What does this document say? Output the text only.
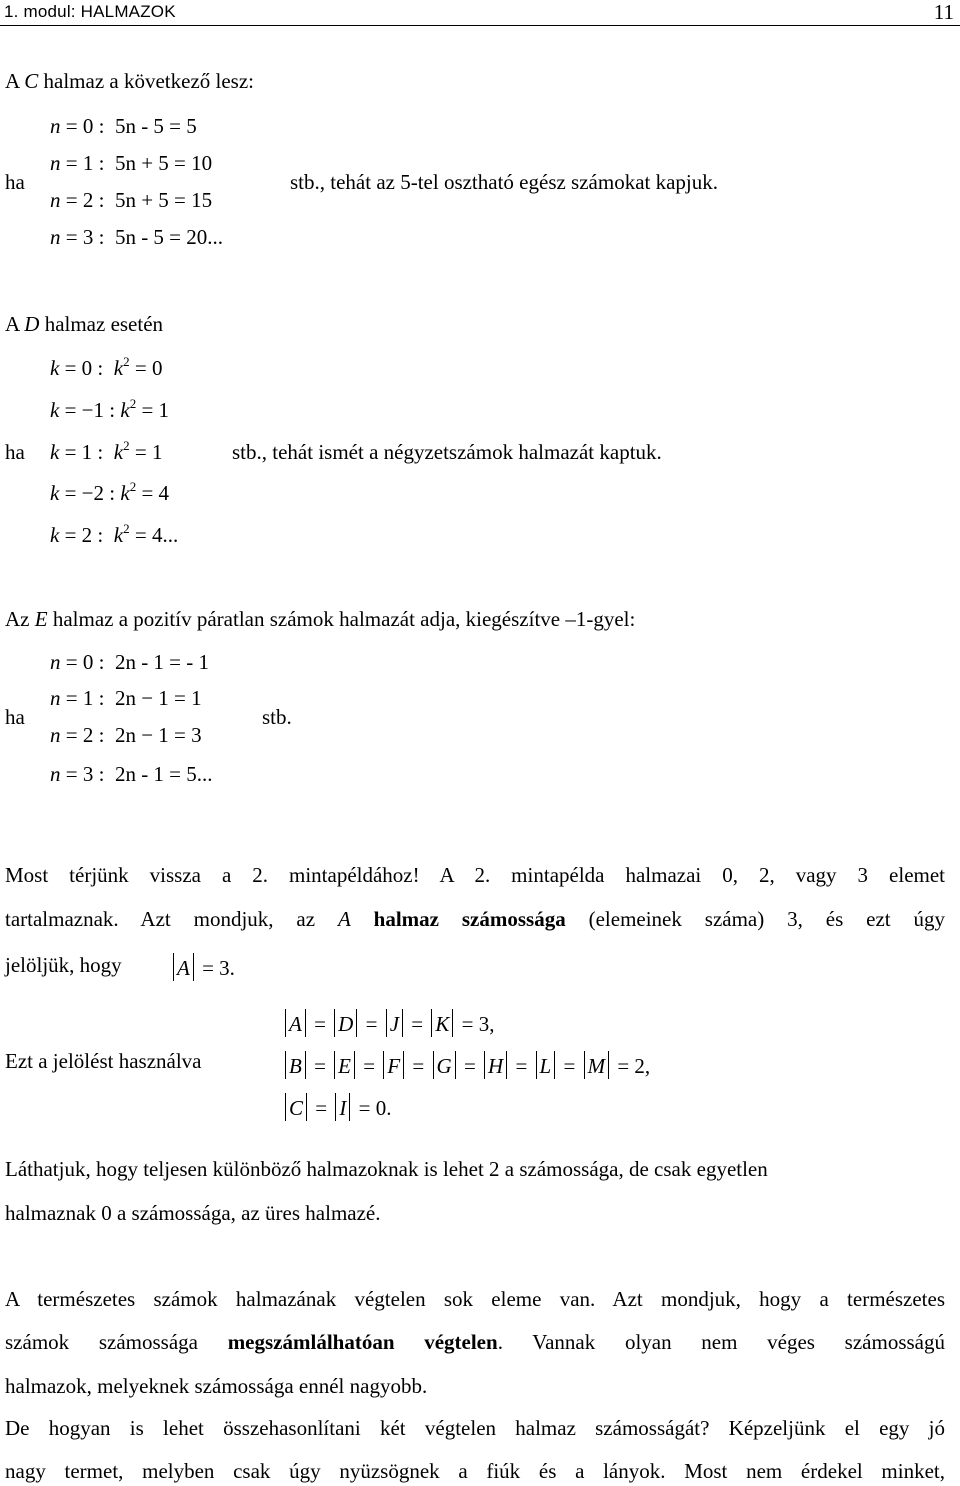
1. modul: HALMAZOK	11
A C halmaz a következő lesz:
ha
n = 0 :  5n - 5 = 5
n = 1 :  5n + 5 = 10
n = 2 :  5n + 5 = 15
n = 3 :  5n - 5 = 20...
stb., tehát az 5-tel osztható egész számokat kapjuk.
A D halmaz esetén
ha
k = 0 :  $k^2 = 0$
k = −1 : $k^2 = 1$
k = 1 :  $k^2 = 1$
k = −2 : $k^2 = 4$
k = 2 :  $k^2 = 4$...
stb., tehát ismét a négyzetszámok halmazát kaptuk.
Az E halmaz a pozitív páratlan számok halmazát adja, kiegészítve –1-gyel:
ha
n = 0 :  2n - 1 = - 1
n = 1 :  2n − 1 = 1
n = 2 :  2n − 1 = 3
n = 3 :  2n - 1 = 5...
stb.
Most térjünk vissza a 2. mintapéldához! A 2. mintapélda halmazai 0, 2, vagy 3 elemet
tartalmaznak. Azt mondjuk, az A halmaz számossága (elemeinek száma) 3, és ezt úgy
jelöljük, hogy	A = 3.
Ezt a jelölést használva
A = D = J = K = 3,
B = E = F = G = H = L = M = 2,
C = I = 0.
Láthatjuk, hogy teljesen különböző halmazoknak is lehet 2 a számossága, de csak egyetlen
halmaznak 0 a számossága, az üres halmazé.
A természetes számok halmazának végtelen sok eleme van. Azt mondjuk, hogy a természetes
számok számossága megszámlálhatóan végtelen. Vannak olyan nem véges számosságú
halmazok, melyeknek számossága ennél nagyobb.
De hogyan is lehet összehasonlítani két végtelen halmaz számosságát? Képzeljünk el egy jó
nagy termet, melyben csak úgy nyüzsögnek a fiúk és a lányok. Most nem érdekel minket,
